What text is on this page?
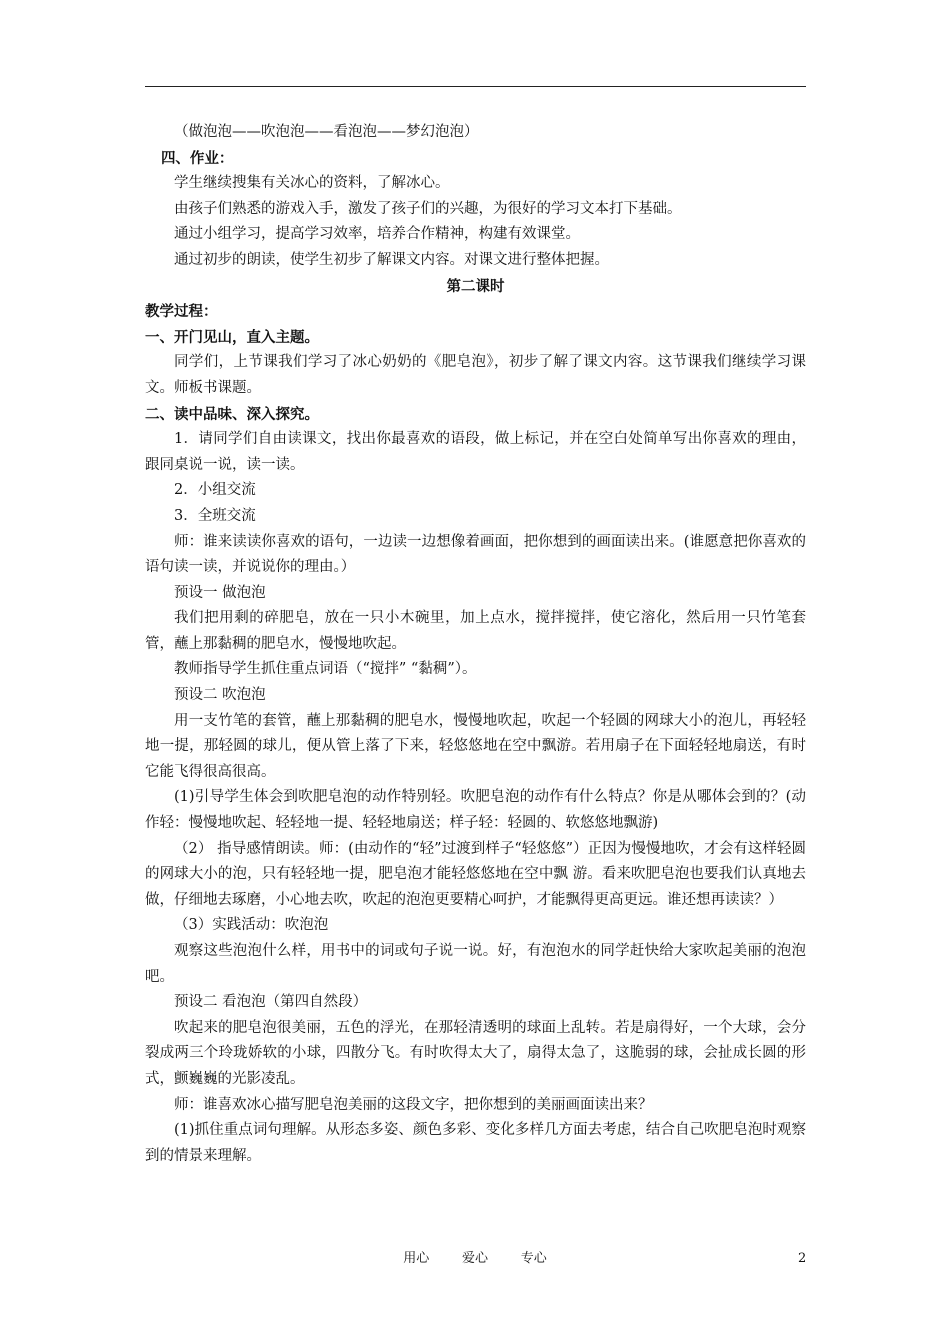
（做泡泡——吹泡泡——看泡泡——梦幻泡泡）

四、作业：

学生继续搜集有关冰心的资料，了解冰心。

由孩子们熟悉的游戏入手，激发了孩子们的兴趣，为很好的学习文本打下基础。

通过小组学习，提高学习效率，培养合作精神，构建有效课堂。

通过初步的朗读，使学生初步了解课文内容。对课文进行整体把握。

第二课时

教学过程：

一、开门见山，直入主题。

同学们，上节课我们学习了冰心奶奶的《肥皂泡》，初步了解了课文内容。这节课我们继续学习课文。师板书课题。

二、读中品味、深入探究。

1．请同学们自由读课文，找出你最喜欢的语段，做上标记，并在空白处简单写出你喜欢的理由，跟同桌说一说，读一读。

2．小组交流

3．全班交流

师：谁来读读你喜欢的语句，一边读一边想像着画面，把你想到的画面读出来。(谁愿意把你喜欢的语句读一读，并说说你的理由。）

预设一 做泡泡

我们把用剩的碎肥皂，放在一只小木碗里，加上点水，搅拌搅拌，使它溶化，然后用一只竹笔套管，蘸上那黏稠的肥皂水，慢慢地吹起。

教师指导学生抓住重点词语（“搅拌” “黏稠”）。

预设二 吹泡泡

用一支竹笔的套管，蘸上那黏稠的肥皂水，慢慢地吹起，吹起一个轻圆的网球大小的泡儿，再轻轻地一提，那轻圆的球儿，便从管上落了下来，轻悠悠地在空中飘游。若用扇子在下面轻轻地扇送，有时它能飞得很高很高。

(1)引导学生体会到吹肥皂泡的动作特别轻。吹肥皂泡的动作有什么特点？你是从哪体会到的？(动作轻：慢慢地吹起、轻轻地一提、轻轻地扇送；样子轻：轻圆的、软悠悠地飘游)

（2） 指导感情朗读。师：(由动作的“轻”过渡到样子“轻悠悠”）正因为慢慢地吹，才会有这样轻圆的网球大小的泡，只有轻轻地一提，肥皂泡才能轻悠悠地在空中飘 游。看来吹肥皂泡也要我们认真地去做，仔细地去琢磨，小心地去吹，吹起的泡泡更要精心呵护，才能飘得更高更远。谁还想再读读？）

（3）实践活动：吹泡泡

观察这些泡泡什么样，用书中的词或句子说一说。好，有泡泡水的同学赶快给大家吹起美丽的泡泡吧。

预设二 看泡泡（第四自然段）

吹起来的肥皂泡很美丽，五色的浮光，在那轻清透明的球面上乱转。若是扇得好，一个大球，会分裂成两三个玲珑娇软的小球，四散分飞。有时吹得太大了，扇得太急了，这脆弱的球，会扯成长圆的形式，颤巍巍的光影凌乱。

师：谁喜欢冰心描写肥皂泡美丽的这段文字，把你想到的美丽画面读出来？

(1)抓住重点词句理解。从形态多姿、颜色多彩、变化多样几方面去考虑，结合自己吹肥皂泡时观察到的情景来理解。

用心 爱心 专心	2
